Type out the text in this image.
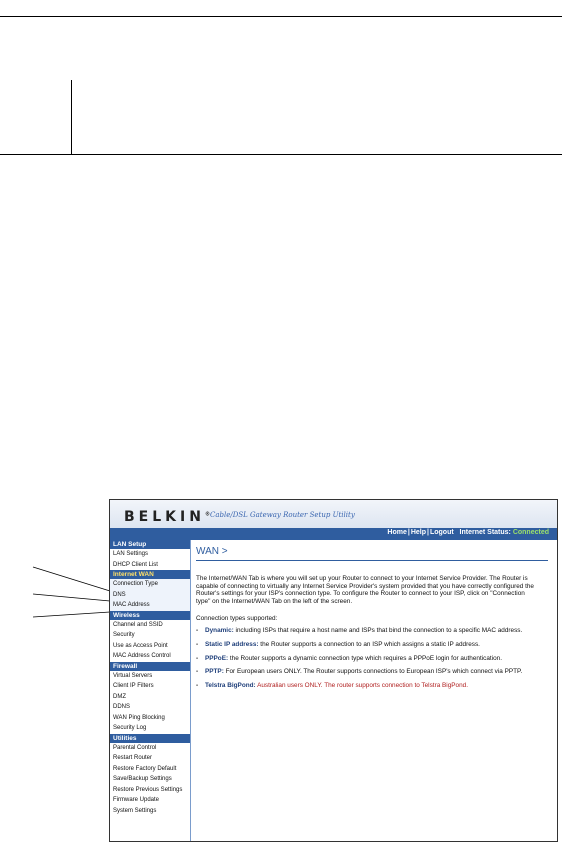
BELKIN® Cable/DSL Gateway Router Setup Utility
Home|Help|Logout Internet Status: Connected
LAN Setup
LAN Settings
DHCP Client List
Internet WAN
Connection Type
DNS
MAC Address
Wireless
Channel and SSID
Security
Use as Access Point
MAC Address Control
Firewall
Virtual Servers
Client IP Filters
DMZ
DDNS
WAN Ping Blocking
Security Log
Utilities
Parental Control
Restart Router
Restore Factory Default
Save/Backup Settings
Restore Previous Settings
Firmware Update
System Settings
WAN >
The Internet/WAN Tab is where you will set up your Router to connect to your Internet Service Provider. The Router is capable of connecting to virtually any Internet Service Provider's system provided that you have correctly configured the Router's settings for your ISP's connection type. To configure the Router to connect to your ISP, click on "Connection type" on the Internet/WAN Tab on the left of the screen.
Connection types supported:
- Dynamic: including ISPs that require a host name and ISPs that bind the connection to a specific MAC address.
- Static IP address: the Router supports a connection to an ISP which assigns a static IP address.
- PPPoE: the Router supports a dynamic connection type which requires a PPPoE login for authentication.
- PPTP: For European users ONLY. The Router supports connections to European ISP's which connect via PPTP.
- Telstra BigPond: Australian users ONLY. The router supports connection to Telstra BigPond.
